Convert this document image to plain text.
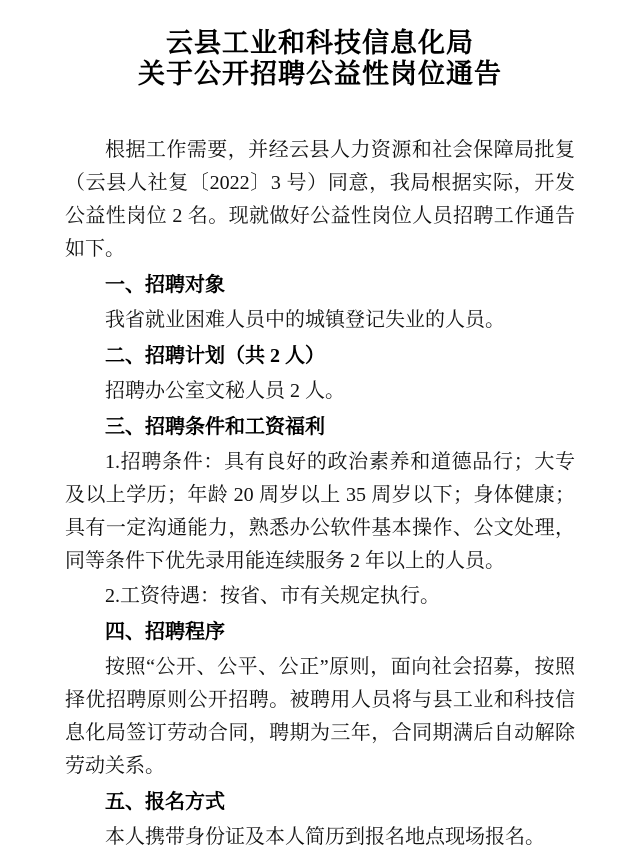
云县工业和科技信息化局
关于公开招聘公益性岗位通告

根据工作需要，并经云县人力资源和社会保障局批复（云县人社复〔2022〕3 号）同意，我局根据实际，开发公益性岗位 2 名。现就做好公益性岗位人员招聘工作通告如下。

一、招聘对象

我省就业困难人员中的城镇登记失业的人员。

二、招聘计划（共 2 人）

招聘办公室文秘人员 2 人。

三、招聘条件和工资福利

1.招聘条件：具有良好的政治素养和道德品行；大专及以上学历；年龄 20 周岁以上 35 周岁以下；身体健康；具有一定沟通能力，熟悉办公软件基本操作、公文处理，同等条件下优先录用能连续服务 2 年以上的人员。

2.工资待遇：按省、市有关规定执行。

四、招聘程序

按照“公开、公平、公正”原则，面向社会招募，按照择优招聘原则公开招聘。被聘用人员将与县工业和科技信息化局签订劳动合同，聘期为三年，合同期满后自动解除劳动关系。

五、报名方式

本人携带身份证及本人简历到报名地点现场报名。
